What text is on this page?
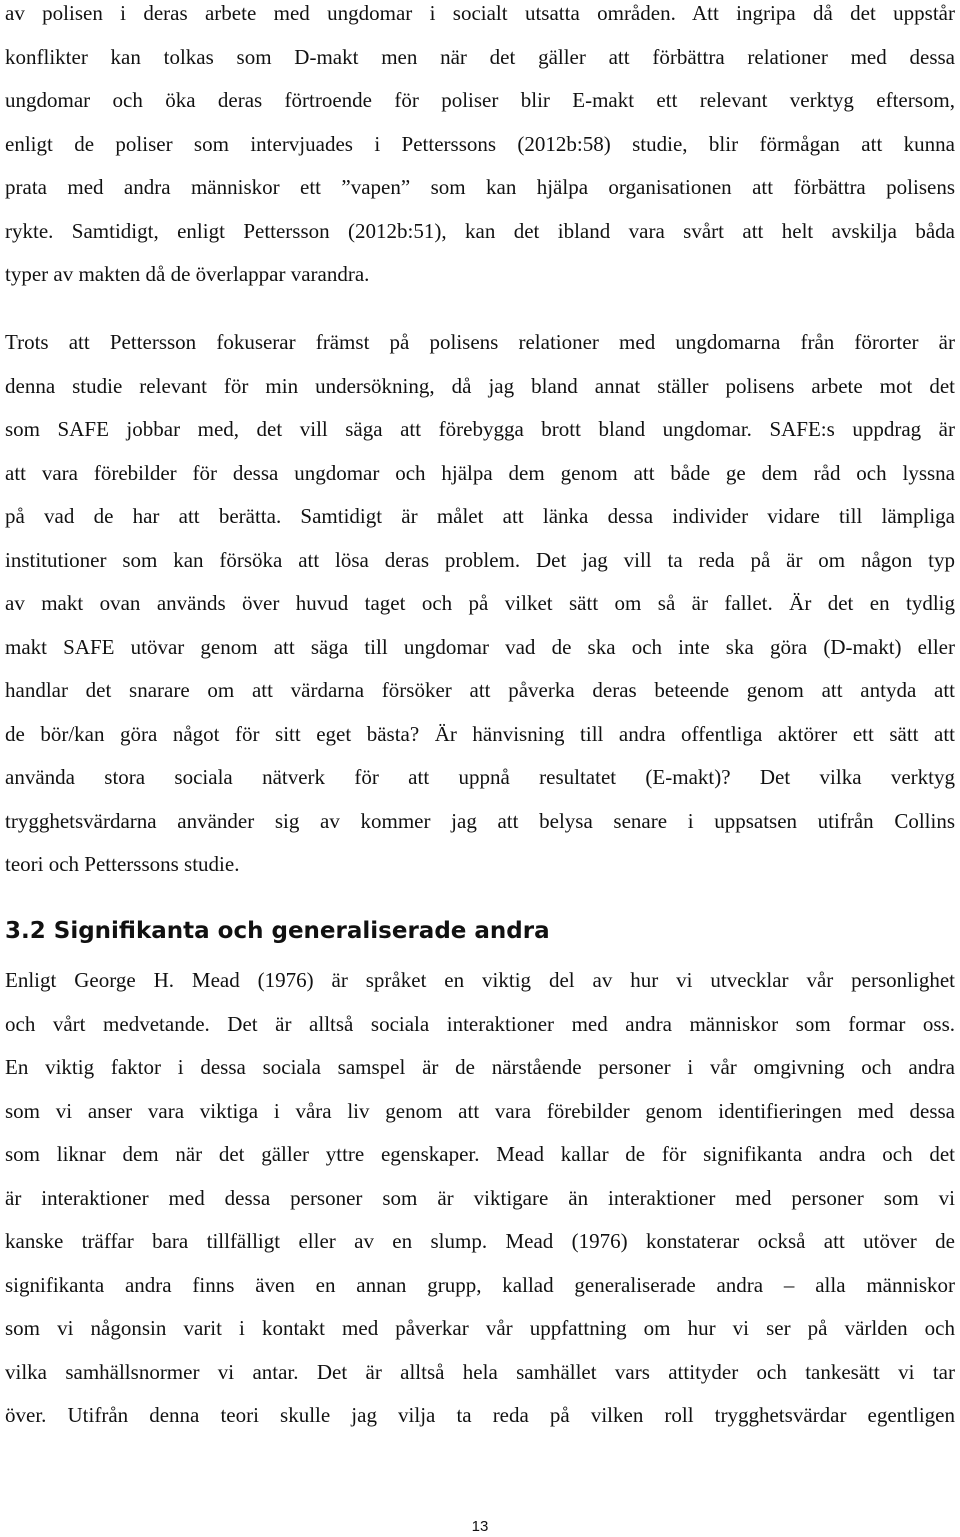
av polisen i deras arbete med ungdomar i socialt utsatta områden. Att ingripa då det uppstår
konflikter kan tolkas som D-makt men när det gäller att förbättra relationer med dessa
ungdomar och öka deras förtroende för poliser blir E-makt ett relevant verktyg eftersom,
enligt de poliser som intervjuades i Petterssons (2012b:58) studie, blir förmågan att kunna
prata med andra människor ett ”vapen” som kan hjälpa organisationen att förbättra polisens
rykte. Samtidigt, enligt Pettersson (2012b:51), kan det ibland vara svårt att helt avskilja båda
typer av makten då de överlappar varandra.
Trots att Pettersson fokuserar främst på polisens relationer med ungdomarna från förorter är
denna studie relevant för min undersökning, då jag bland annat ställer polisens arbete mot det
som SAFE jobbar med, det vill säga att förebygga brott bland ungdomar. SAFE:s uppdrag är
att vara förebilder för dessa ungdomar och hjälpa dem genom att både ge dem råd och lyssna
på vad de har att berätta. Samtidigt är målet att länka dessa individer vidare till lämpliga
institutioner som kan försöka att lösa deras problem. Det jag vill ta reda på är om någon typ
av makt ovan används över huvud taget och på vilket sätt om så är fallet. Är det en tydlig
makt SAFE utövar genom att säga till ungdomar vad de ska och inte ska göra (D-makt) eller
handlar det snarare om att värdarna försöker att påverka deras beteende genom att antyda att
de bör/kan göra något för sitt eget bästa? Är hänvisning till andra offentliga aktörer ett sätt att
använda stora sociala nätverk för att uppnå resultatet (E-makt)? Det vilka verktyg
trygghetsvärdarna använder sig av kommer jag att belysa senare i uppsatsen utifrån Collins
teori och Petterssons studie.
3.2 Signifikanta och generaliserade andra
Enligt George H. Mead (1976) är språket en viktig del av hur vi utvecklar vår personlighet
och vårt medvetande. Det är alltså sociala interaktioner med andra människor som formar oss.
En viktig faktor i dessa sociala samspel är de närstående personer i vår omgivning och andra
som vi anser vara viktiga i våra liv genom att vara förebilder genom identifieringen med dessa
som liknar dem när det gäller yttre egenskaper. Mead kallar de för signifikanta andra och det
är interaktioner med dessa personer som är viktigare än interaktioner med personer som vi
kanske träffar bara tillfälligt eller av en slump. Mead (1976) konstaterar också att utöver de
signifikanta andra finns även en annan grupp, kallad generaliserade andra – alla människor
som vi någonsin varit i kontakt med påverkar vår uppfattning om hur vi ser på världen och
vilka samhällsnormer vi antar. Det är alltså hela samhället vars attityder och tankesätt vi tar
över. Utifrån denna teori skulle jag vilja ta reda på vilken roll trygghetsvärdar egentligen
13
